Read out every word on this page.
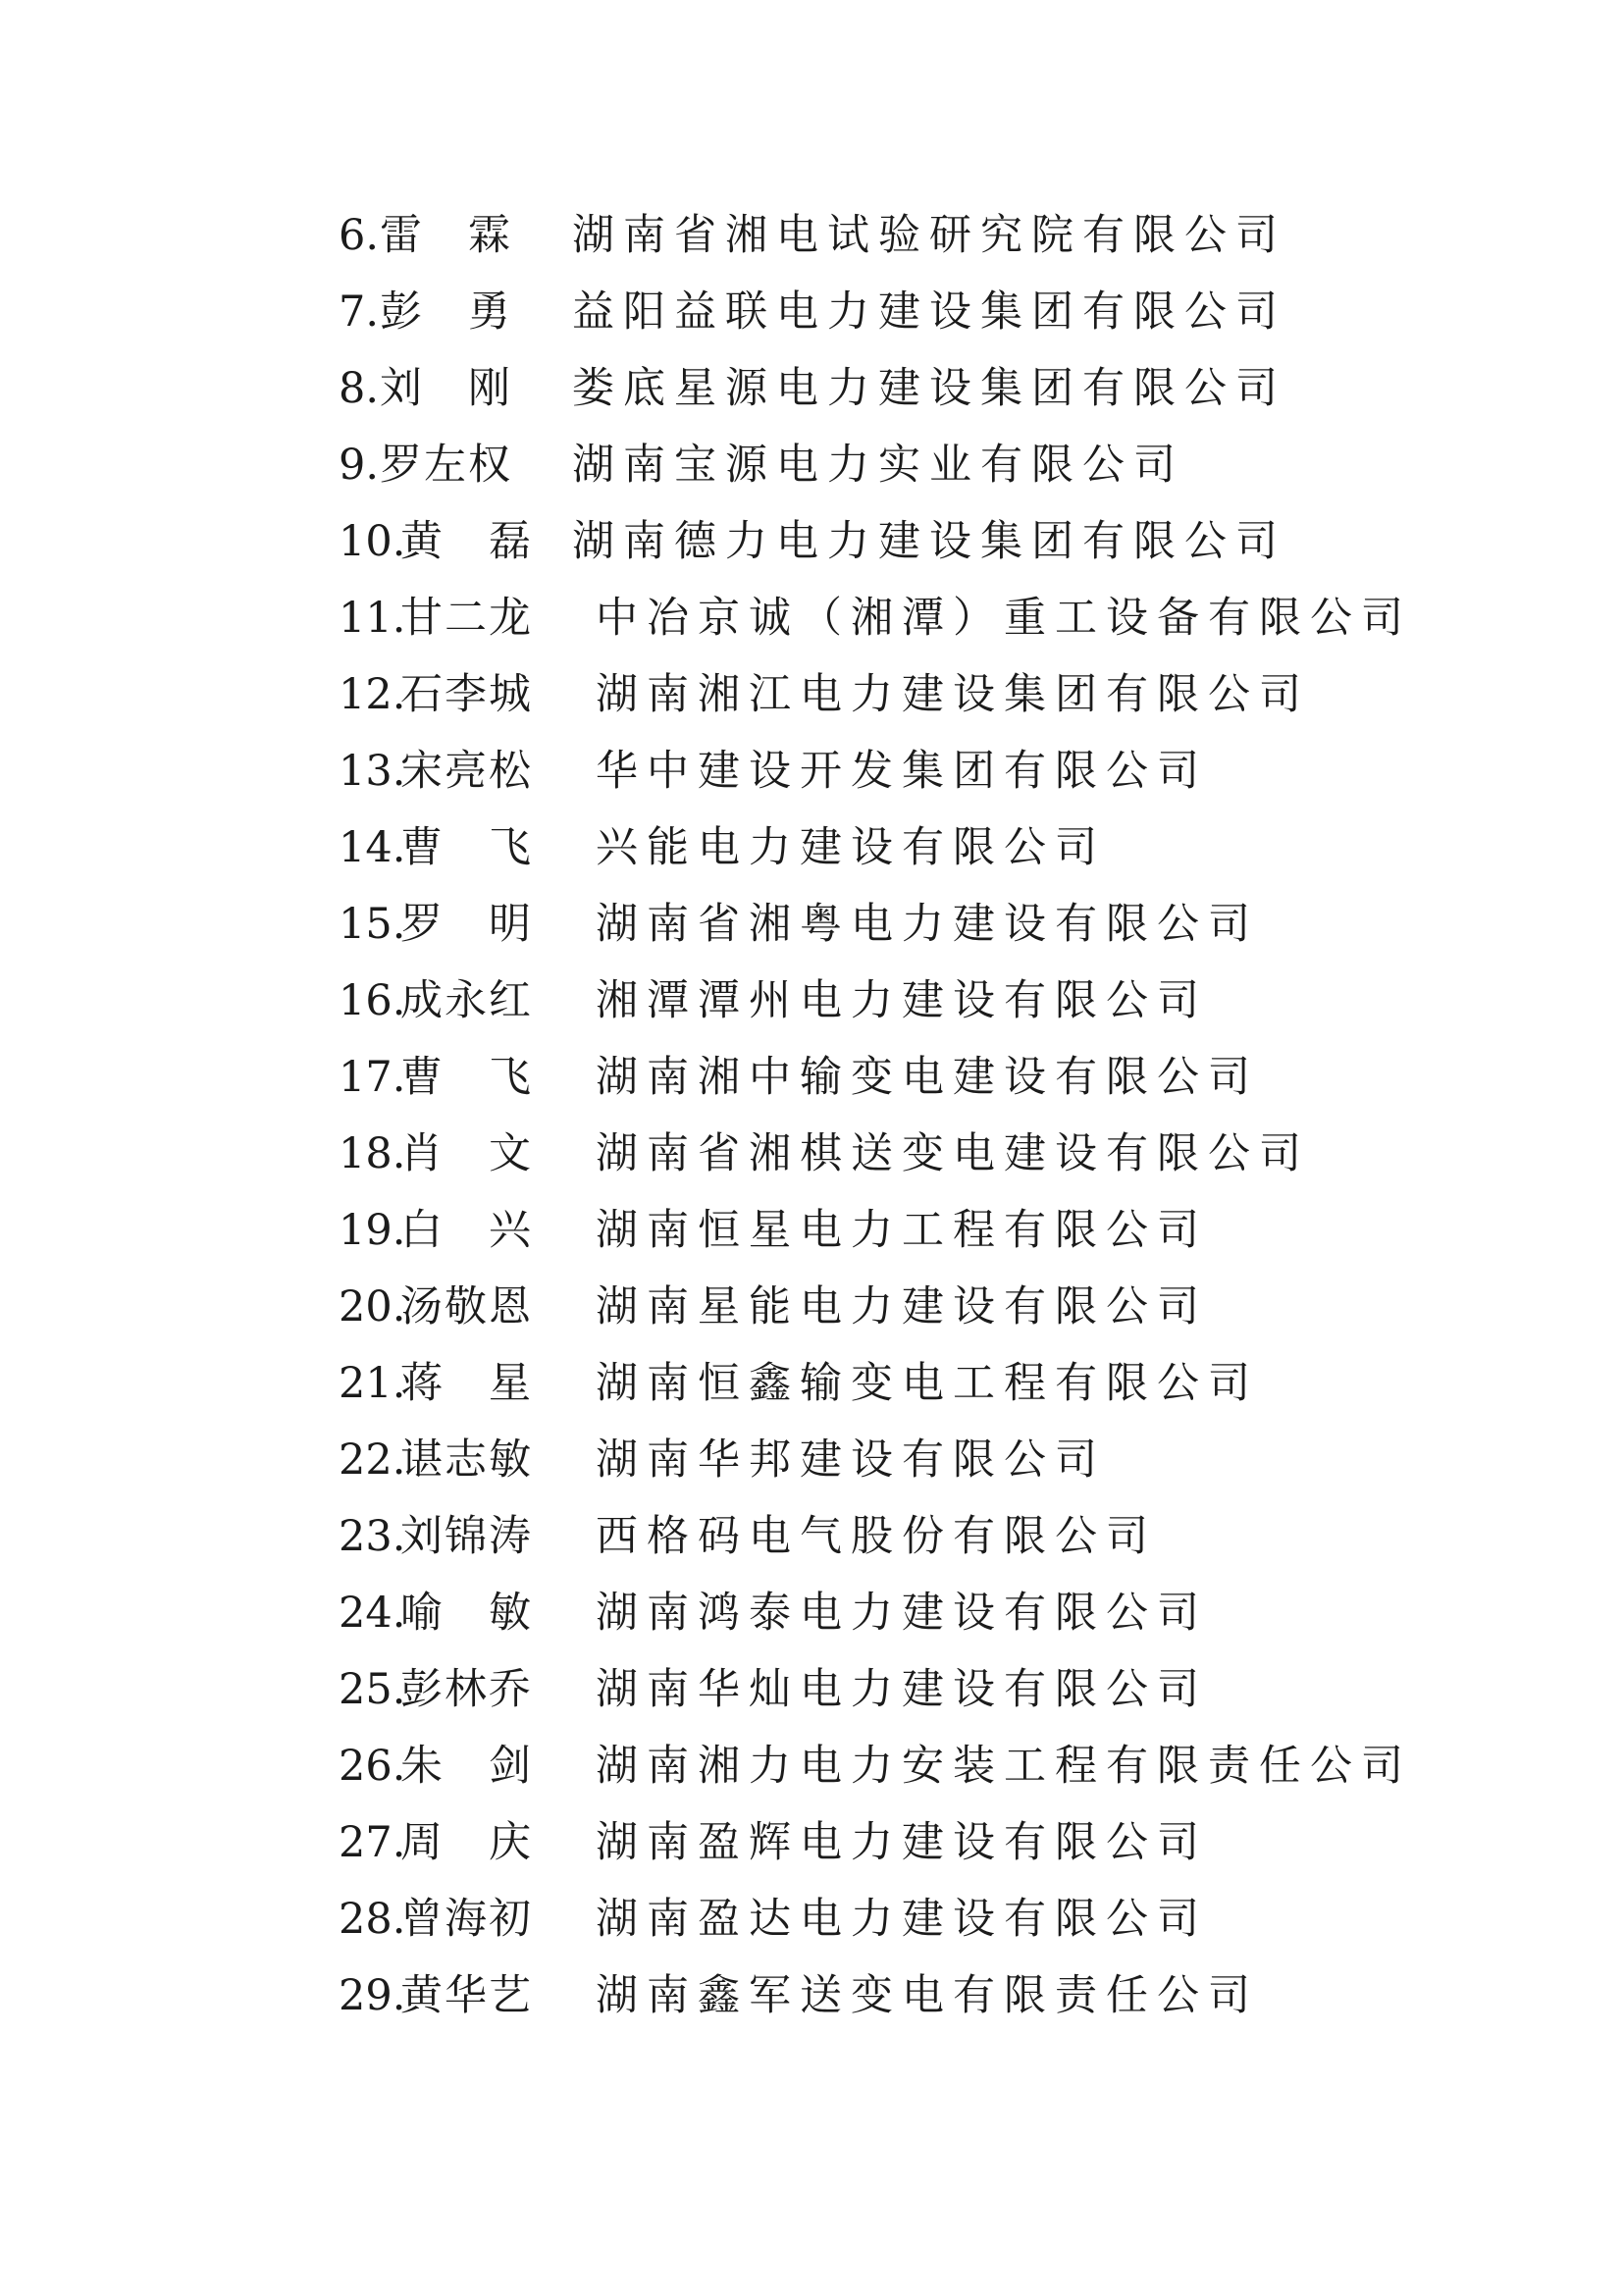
6. 雷　霖 湖南省湘电试验研究院有限公司
7. 彭　勇 益阳益联电力建设集团有限公司
8. 刘　刚 娄底星源电力建设集团有限公司
9. 罗左权 湖南宝源电力实业有限公司
10.
黄　磊 湖南德力电力建设集团有限公司
11.
甘二龙 中冶京诚（湘潭）重工设备有限公司
12.
石李城 湖南湘江电力建设集团有限公司
13.
宋亮松 华中建设开发集团有限公司
14.
曹　飞 兴能电力建设有限公司
15.
罗　明 湖南省湘粤电力建设有限公司
16.
成永红 湘潭潭州电力建设有限公司
17.
曹　飞 湖南湘中输变电建设有限公司
18.
肖　文 湖南省湘棋送变电建设有限公司
19.
白　兴 湖南恒星电力工程有限公司
20.
汤敬恩 湖南星能电力建设有限公司
21.
蒋　星 湖南恒鑫输变电工程有限公司
22.
谌志敏 湖南华邦建设有限公司
23.
刘锦涛 西格码电气股份有限公司
24.
喻　敏 湖南鸿泰电力建设有限公司
25.
彭林乔 湖南华灿电力建设有限公司
26.
朱　剑 湖南湘力电力安装工程有限责任公司
27.
周　庆 湖南盈辉电力建设有限公司
28.
曾海初 湖南盈达电力建设有限公司
29.
黄华艺 湖南鑫军送变电有限责任公司
